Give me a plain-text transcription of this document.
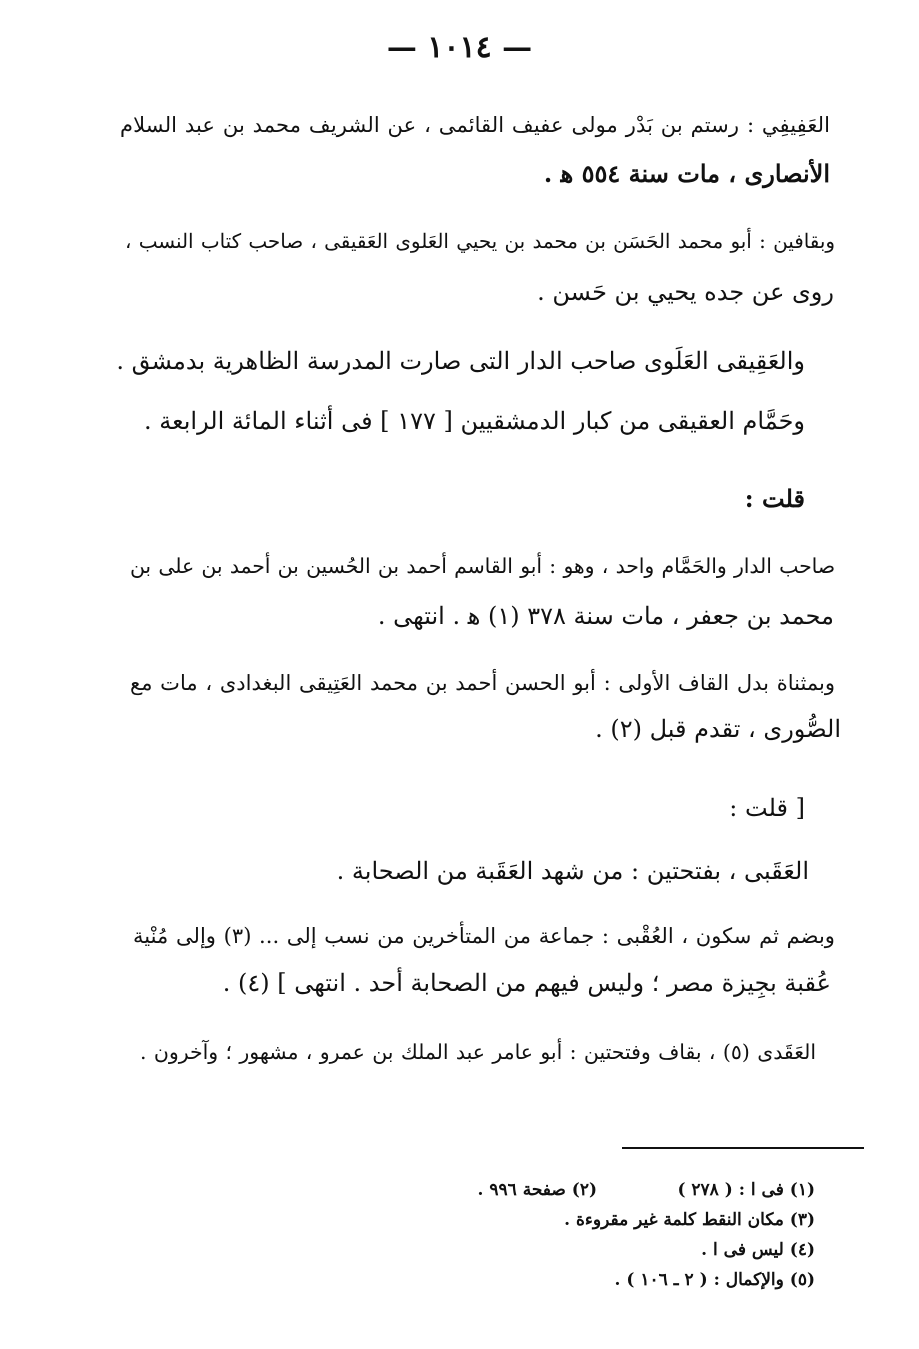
— ١٠١٤ —
العَفِيفِي : رستم بن بَدْر مولى عفيف القائمى ، عن الشريف محمد بن عبد السلام
الأنصارى ، مات سنة ٥٥٤ ﻫ .
وبقافين : أبو محمد الحَسَن بن محمد بن يحيي العَلوى العَقيقى ، صاحب كتاب النسب ،
روى عن جده يحيي بن حَسن .
والعَقِيقى العَلَوى صاحب الدار التى صارت المدرسة الظاهرية بدمشق .
وحَمَّام العقيقى من كبار الدمشقيين [ ١٧٧ ] فى أثناء المائة الرابعة .
قلت :
صاحب الدار والحَمَّام واحد ، وهو : أبو القاسم أحمد بن الحُسين بن أحمد بن على بن
محمد بن جعفر ، مات سنة ٣٧٨ (١) ﻫ . انتهى .
وبمثناة بدل القاف الأولى : أبو الحسن أحمد بن محمد العَتِيقى البغدادى ، مات مع
الصُّورى ، تقدم قبل (٢) .
[ قلت :
العَقَبى ، بفتحتين : من شهد العَقَبة من الصحابة .
وبضم ثم سكون ، العُقْبى : جماعة من المتأخرين من نسب إلى ... (٣) وإلى مُنْية
عُقبة بجِيزة مصر ؛ وليس فيهم من الصحابة أحد . انتهى ] (٤) .
العَقَدى (٥) ، بقاف وفتحتين : أبو عامر عبد الملك بن عمرو ، مشهور ؛ وآخرون .
(١) فى ا : ( ٢٧٨ )
(٢) صفحة ٩٩٦ .
(٣) مكان النقط كلمة غير مقروءة .
(٤) ليس فى ا .
(٥) والإكمال : ( ٢ ـ ١٠٦ ) .
